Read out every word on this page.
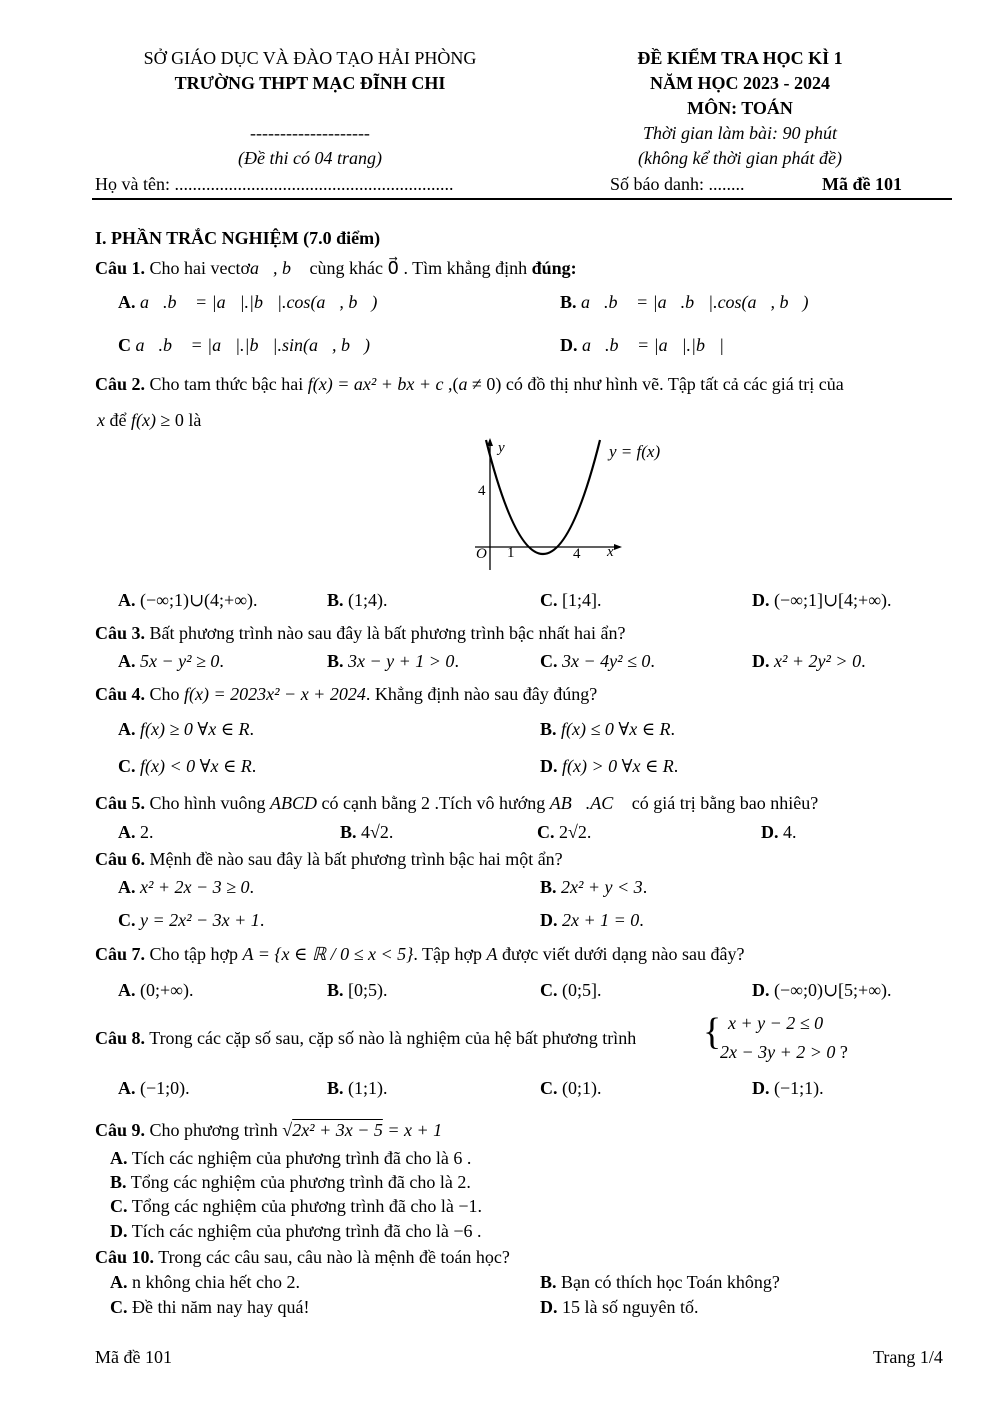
SỞ GIÁO DỤC VÀ ĐÀO TẠO HẢI PHÒNG
TRƯỜNG THPT MẠC ĐĨNH CHI
--------------------
(Đề thi có 04 trang)
ĐỀ KIỂM TRA HỌC KÌ 1
NĂM HỌC 2023 - 2024
MÔN: TOÁN
Thời gian làm bài: 90 phút
(không kể thời gian phát đề)
Họ và tên: ..............................................................	Số báo danh: ........	Mã đề 101
I. PHẦN TRẮC NGHIỆM (7.0 điểm)
Câu 1. Cho hai vectơa⃗, b⃗ cùng khác 0⃗ . Tìm khẳng định đúng:
A. a⃗.b⃗ = |a⃗|.|b⃗|.cos(a⃗, b⃗)	B. a⃗.b⃗ = |a⃗.b⃗|.cos(a⃗, b⃗)
C a⃗.b⃗ = |a⃗|.|b⃗|.sin(a⃗, b⃗)	D. a⃗.b⃗ = |a⃗|.|b⃗|
Câu 2. Cho tam thức bậc hai f(x) = ax² + bx + c ,(a ≠ 0) có đồ thị như hình vẽ. Tập tất cả các giá trị của
x để f(x) ≥ 0 là
y
x
O
4
1	4
y = f(x)
A. (−∞;1)∪(4;+∞).	B. (1;4).	C. [1;4].	D. (−∞;1]∪[4;+∞).
Câu 3. Bất phương trình nào sau đây là bất phương trình bậc nhất hai ẩn?
A. 5x − y² ≥ 0.	B. 3x − y + 1 > 0.	C. 3x − 4y² ≤ 0.	D. x² + 2y² > 0.
Câu 4. Cho f(x) = 2023x² − x + 2024. Khẳng định nào sau đây đúng?
A. f(x) ≥ 0 ∀x ∈ R.	B. f(x) ≤ 0 ∀x ∈ R.
C. f(x) < 0 ∀x ∈ R.	D. f(x) > 0 ∀x ∈ R.
Câu 5. Cho hình vuông ABCD có cạnh bằng 2 .Tích vô hướng AB⃗.AC⃗ có giá trị bằng bao nhiêu?
A. 2.	B. 4√2.	C. 2√2.	D. 4.
Câu 6. Mệnh đề nào sau đây là bất phương trình bậc hai một ẩn?
A. x² + 2x − 3 ≥ 0.	B. 2x² + y < 3.
C. y = 2x² − 3x + 1.	D. 2x + 1 = 0.
Câu 7. Cho tập hợp A = {x ∈ ℝ / 0 ≤ x < 5}. Tập hợp A được viết dưới dạng nào sau đây?
A. (0;+∞).	B. [0;5).	C. (0;5].	D. (−∞;0)∪[5;+∞).
Câu 8. Trong các cặp số sau, cặp số nào là nghiệm của hệ bất phương trình { x + y − 2 ≤ 0
2x − 3y + 2 > 0 ?
A. (−1;0).	B. (1;1).	C. (0;1).	D. (−1;1).
Câu 9. Cho phương trình √2x² + 3x − 5 = x + 1
A. Tích các nghiệm của phương trình đã cho là 6 .
B. Tổng các nghiệm của phương trình đã cho là 2.
C. Tổng các nghiệm của phương trình đã cho là −1.
D. Tích các nghiệm của phương trình đã cho là −6 .
Câu 10. Trong các câu sau, câu nào là mệnh đề toán học?
A. n không chia hết cho 2.	B. Bạn có thích học Toán không?
C. Đề thi năm nay hay quá!	D. 15 là số nguyên tố.
Mã đề 101	Trang 1/4
